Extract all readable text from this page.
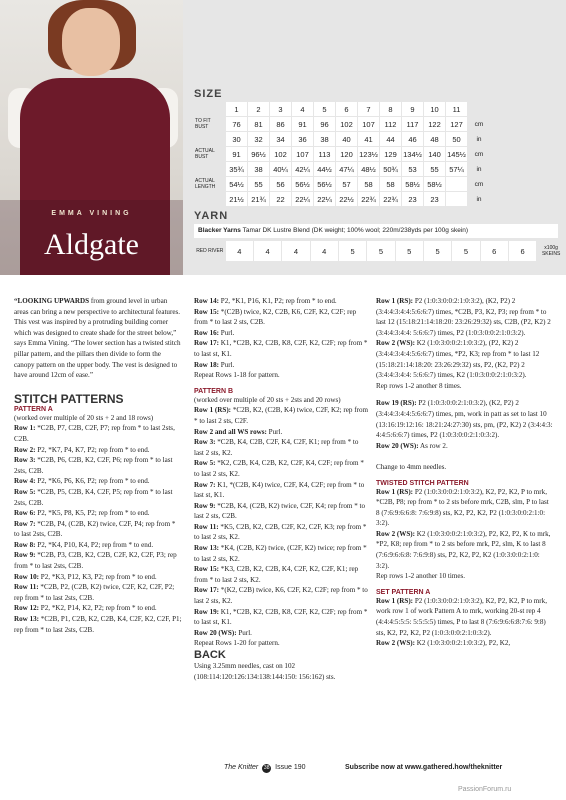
EMMA VINING
Aldgate
SIZE
	1	2	3	4	5	6	7	8	9	10	11	
TO FIT BUST	76	81	86	91	96	102	107	112	117	122	127	cm
	30	32	34	36	38	40	41	44	46	48	50	in
ACTUAL BUST	91	96½	102	107	113	120	123½	129	134½	140	145½	cm
	35¾	38	40¼	42¼	44½	47¼	48½	50¾	53	55	57¼	in
ACTUAL LENGTH	54½	55	56	56½	56½	57	58	58	58½	58½		cm
	21½	21¾	22	22¼	22¼	22½	22¾	22¾	23	23		in
YARN
Blacker Yarns Tamar DK Lustre Blend (DK weight; 100% wool; 220m/238yds per 100g skein)
RED RIVER	4	4	4	4	5	5	5	5	5	6	6	x100g SKEINS

“LOOKING UPWARDS from ground level in urban areas can bring a new perspective to architectural features. This vest was inspired by a protruding building corner which was designed to create shade for the street below,” says Emma Vining. “The lower section has a twisted stitch pillar pattern, and the pillars then divide to form the canopy pattern on the upper body. The vest is designed to have around 12cm of ease.”

STITCH PATTERNS
PATTERN A

(worked over multiple of 20 sts + 2 and 18 rows)

Row 1: *C2B, P7, C2B, C2F, P7; rep from * to last 2sts, C2B.

Row 2: P2, *K7, P4, K7, P2; rep from * to end.

Row 3: *C2B, P6, C2B, K2, C2F, P6; rep from * to last 2sts, C2B.

Row 4: P2, *K6, P6, K6, P2; rep from * to end.

Row 5: *C2B, P5, C2B, K4, C2F, P5; rep from * to last 2sts, C2B.

Row 6: P2, *K5, P8, K5, P2; rep from * to end.

Row 7: *C2B, P4, (C2B, K2) twice, C2F, P4; rep from * to last 2sts, C2B.

Row 8: P2, *K4, P10, K4, P2; rep from * to end.

Row 9: *C2B, P3, C2B, K2, C2B, C2F, K2, C2F, P3; rep from * to last 2sts, C2B.

Row 10: P2, *K3, P12, K3, P2; rep from * to end.

Row 11: *C2B, P2, (C2B, K2) twice, C2F, K2, C2F, P2; rep from * to last 2sts, C2B.

Row 12: P2, *K2, P14, K2, P2; rep from * to end.

Row 13: *C2B, P1, C2B, K2, C2B, K4, C2F, K2, C2F, P1; rep from * to last 2sts, C2B.

Row 14: P2, *K1, P16, K1, P2; rep from * to end.

Row 15: *(C2B) twice, K2, C2B, K6, C2F, K2, C2F; rep from * to last 2 sts, C2B.

Row 16: Purl.

Row 17: K1, *C2B, K2, C2B, K8, C2F, K2, C2F; rep from * to last st, K1.

Row 18: Purl.

Repeat Rows 1-18 for pattern.

PATTERN B

(worked over multiple of 20 sts + 2sts and 20 rows)

Row 1 (RS): *C2B, K2, (C2B, K4) twice, C2F, K2; rep from * to last 2 sts, C2F.

Row 2 and all WS rows: Purl.

Row 3: *C2B, K4, C2B, C2F, K4, C2F, K1; rep from * to last 2 sts, K2.

Row 5: *K2, C2B, K4, C2B, K2, C2F, K4, C2F; rep from * to last 2 sts, K2.

Row 7: K1, *(C2B, K4) twice, C2F, K4, C2F; rep from * to last st, K1.

Row 9: *C2B, K4, (C2B, K2) twice, C2F, K4; rep from * to last 2 sts, C2B.

Row 11: *K5, C2B, K2, C2B, C2F, K2, C2F, K3; rep from * to last 2 sts, K2.

Row 13: *K4, (C2B, K2) twice, (C2F, K2) twice; rep from * to last 2 sts, K2.

Row 15: *K3, C2B, K2, C2B, K4, C2F, K2, C2F, K1; rep from * to last 2 sts, K2.

Row 17: *(K2, C2B) twice, K6, C2F, K2, C2F; rep from * to last 2 sts, K2.

Row 19: K1, *C2B, K2, C2B, K8, C2F, K2, C2F; rep from * to last st, K1.

Row 20 (WS): Purl.

Repeat Rows 1-20 for pattern.

BACK

Using 3.25mm needles, cast on 102 (108:114:120:126:134:138:144:150: 156:162) sts.

Row 1 (RS): P2 (1:0:3:0:0:2:1:0:3:2), (K2, P2) 2 (3:4:4:3:4:4:5:6:6:7) times, *C2B, P3, K2, P3; rep from * to last 12 (15:18:21:14:18:20: 23:26:29:32) sts, C2B, (P2, K2) 2 (3:4:4:3:4:4: 5:6:6:7) times, P2 (1:0:3:0:0:2:1:0:3:2).

Row 2 (WS): K2 (1:0:3:0:0:2:1:0:3:2), (P2, K2) 2 (3:4:4:3:4:4:5:6:6:7) times, *P2, K3; rep from * to last 12 (15:18:21:14:18:20: 23:26:29:32) sts, P2, (K2, P2) 2 (3:4:4:3:4:4: 5:6:6:7) times, K2 (1:0:3:0:0:2:1:0:3:2).

Rep rows 1-2 another 8 times.

Row 19 (RS): P2 (1:0:3:0:0:2:1:0:3:2), (K2, P2) 2 (3:4:4:3:4:4:5:6:6:7) times, pm, work in patt as set to last 10 (13:16:19:12:16: 18:21:24:27:30) sts, pm, (P2, K2) 2 (3:4:4:3: 4:4:5:6:6:7) times, P2 (1:0:3:0:0:2:1:0:3:2).

Row 20 (WS): As row 2.

Change to 4mm needles.

TWISTED STITCH PATTERN

Row 1 (RS): P2 (1:0:3:0:0:2:1:0:3:2), K2, P2, K2, P to mrk, *C2B, P8; rep from * to 2 sts before mrk, C2B, slm, P to last 8 (7:6:9:6:6:8: 7:6:9:8) sts, K2, P2, K2, P2 (1:0:3:0:0:2:1:0: 3:2).

Row 2 (WS): K2 (1:0:3:0:0:2:1:0:3:2), P2, K2, P2, K to mrk, *P2, K8; rep from * to 2 sts before mrk, P2, slm, K to last 8 (7:6:9:6:6:8: 7:6:9:8) sts, P2, K2, P2, K2 (1:0:3:0:0:2:1:0: 3:2).

Rep rows 1-2 another 10 times.

SET PATTERN A

Row 1 (RS): P2 (1:0:3:0:0:2:1:0:3:2), K2, P2, K2, P to mrk, work row 1 of work Pattern A to mrk, working 20-st rep 4 (4:4:4:5:5:5: 5:5:5:5) times, P to last 8 (7:6:9:6:6:8:7:6: 9:8) sts, K2, P2, K2, P2 (1:0:3:0:0:2:1:0:3:2).

Row 2 (WS): K2 (1:0:3:0:0:2:1:0:3:2), P2, K2,

The Knitter 38 Issue 190	Subscribe now at www.gathered.how/theknitter
PassionForum.ru
